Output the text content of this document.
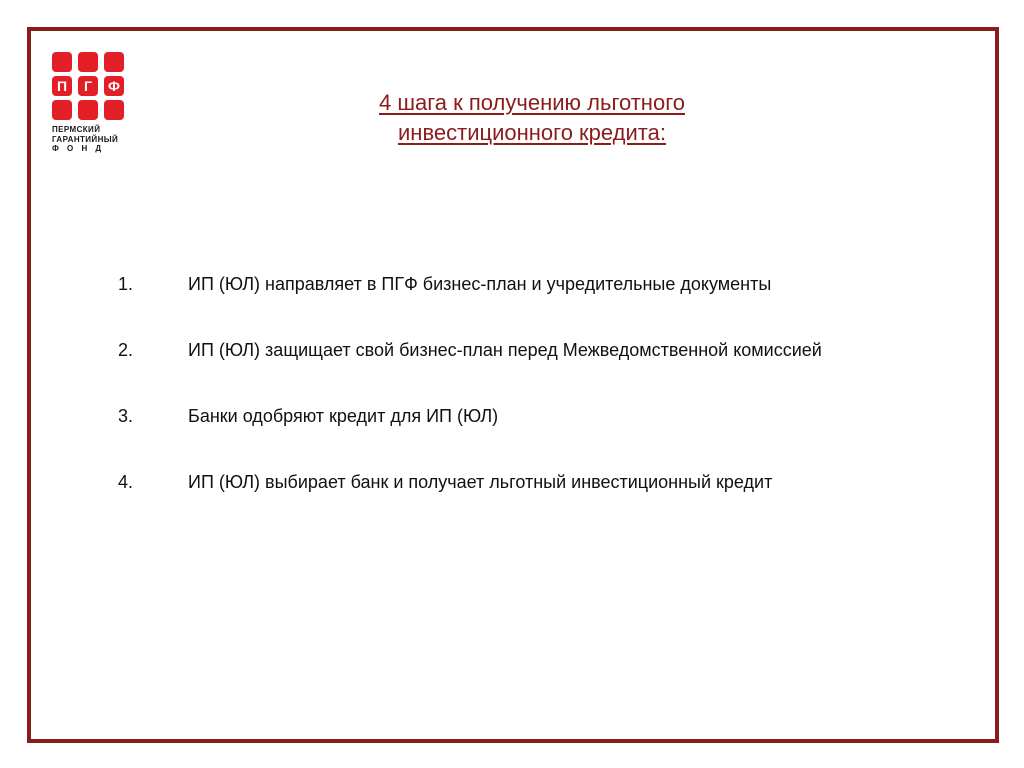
П Г Ф
ПЕРМСКИЙ
ГАРАНТИЙНЫЙ
ФОНД
4 шага к получению льготного
инвестиционного кредита:
1.	ИП (ЮЛ) направляет в ПГФ бизнес-план и учредительные документы
2.	ИП (ЮЛ) защищает свой бизнес-план перед Межведомственной комиссией
3.	Банки одобряют кредит для ИП (ЮЛ)
4.	ИП (ЮЛ) выбирает банк и получает льготный инвестиционный кредит
